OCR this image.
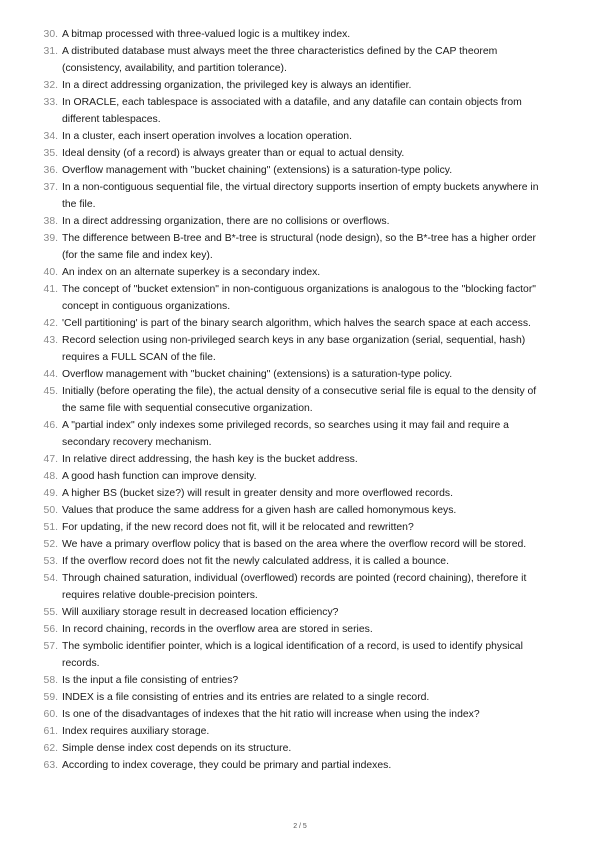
30. A bitmap processed with three-valued logic is a multikey index.
31. A distributed database must always meet the three characteristics defined by the CAP theorem (consistency, availability, and partition tolerance).
32. In a direct addressing organization, the privileged key is always an identifier.
33. In ORACLE, each tablespace is associated with a datafile, and any datafile can contain objects from different tablespaces.
34. In a cluster, each insert operation involves a location operation.
35. Ideal density (of a record) is always greater than or equal to actual density.
36. Overflow management with "bucket chaining" (extensions) is a saturation-type policy.
37. In a non-contiguous sequential file, the virtual directory supports insertion of empty buckets anywhere in the file.
38. In a direct addressing organization, there are no collisions or overflows.
39. The difference between B-tree and B*-tree is structural (node design), so the B*-tree has a higher order (for the same file and index key).
40. An index on an alternate superkey is a secondary index.
41. The concept of "bucket extension" in non-contiguous organizations is analogous to the "blocking factor" concept in contiguous organizations.
42. 'Cell partitioning' is part of the binary search algorithm, which halves the search space at each access.
43. Record selection using non-privileged search keys in any base organization (serial, sequential, hash) requires a FULL SCAN of the file.
44. Overflow management with "bucket chaining" (extensions) is a saturation-type policy.
45. Initially (before operating the file), the actual density of a consecutive serial file is equal to the density of the same file with sequential consecutive organization.
46. A "partial index" only indexes some privileged records, so searches using it may fail and require a secondary recovery mechanism.
47. In relative direct addressing, the hash key is the bucket address.
48. A good hash function can improve density.
49. A higher BS (bucket size?) will result in greater density and more overflowed records.
50. Values that produce the same address for a given hash are called homonymous keys.
51. For updating, if the new record does not fit, will it be relocated and rewritten?
52. We have a primary overflow policy that is based on the area where the overflow record will be stored.
53. If the overflow record does not fit the newly calculated address, it is called a bounce.
54. Through chained saturation, individual (overflowed) records are pointed (record chaining), therefore it requires relative double-precision pointers.
55. Will auxiliary storage result in decreased location efficiency?
56. In record chaining, records in the overflow area are stored in series.
57. The symbolic identifier pointer, which is a logical identification of a record, is used to identify physical records.
58. Is the input a file consisting of entries?
59. INDEX is a file consisting of entries and its entries are related to a single record.
60. Is one of the disadvantages of indexes that the hit ratio will increase when using the index?
61. Index requires auxiliary storage.
62. Simple dense index cost depends on its structure.
63. According to index coverage, they could be primary and partial indexes.
2 / 5
